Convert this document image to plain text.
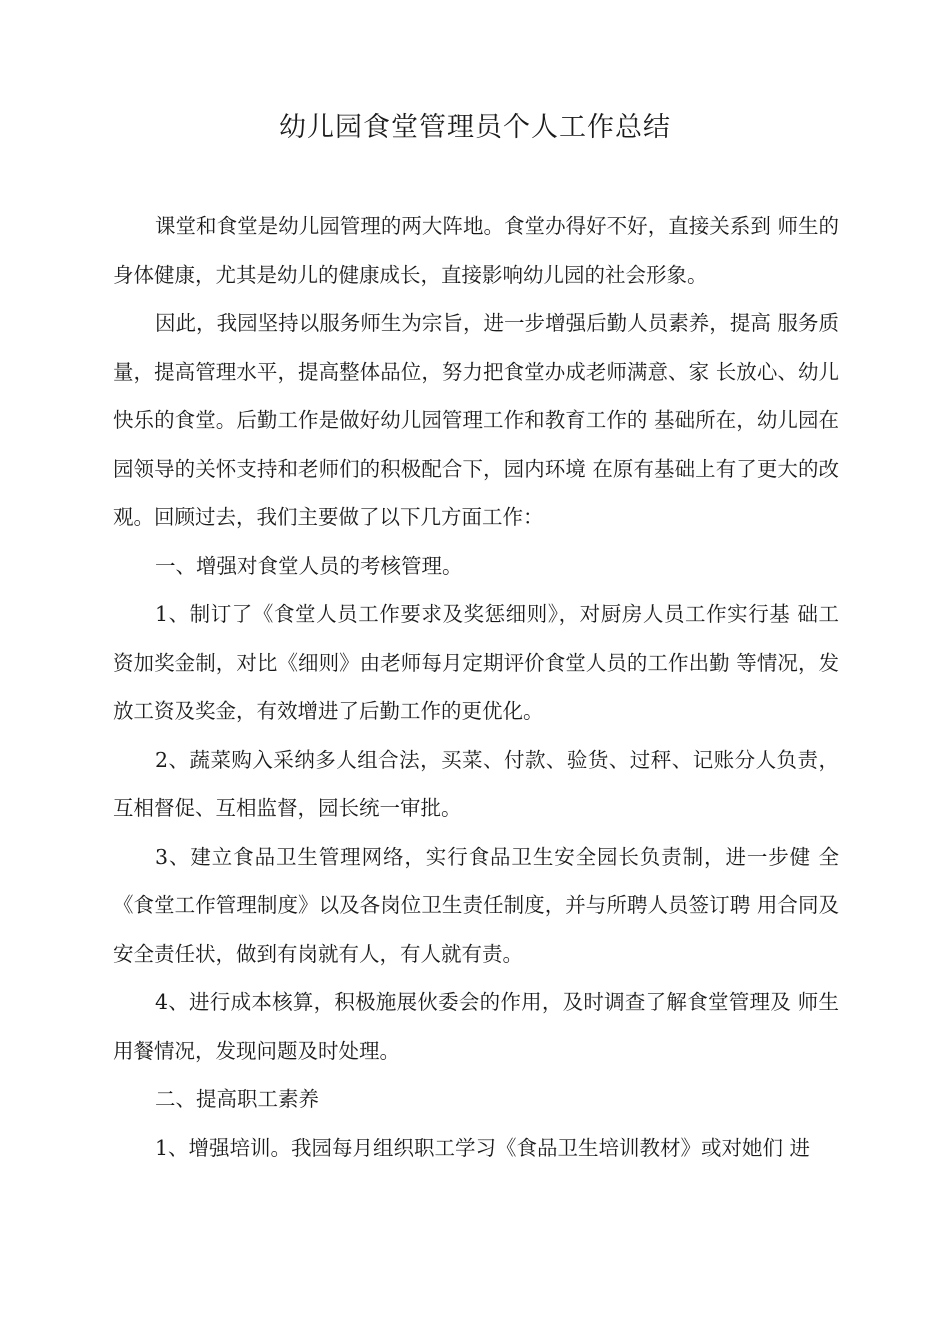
幼儿园食堂管理员个人工作总结

课堂和食堂是幼儿园管理的两大阵地。食堂办得好不好，直接关系到 师生的身体健康，尤其是幼儿的健康成长，直接影响幼儿园的社会形象。

因此，我园坚持以服务师生为宗旨，进一步增强后勤人员素养，提高 服务质量，提高管理水平，提高整体品位，努力把食堂办成老师满意、家 长放心、幼儿快乐的食堂。后勤工作是做好幼儿园管理工作和教育工作的 基础所在，幼儿园在园领导的关怀支持和老师们的积极配合下，园内环境 在原有基础上有了更大的改观。回顾过去，我们主要做了以下几方面工作：

一、增强对食堂人员的考核管理。

1、制订了《食堂人员工作要求及奖惩细则》，对厨房人员工作实行基 础工资加奖金制，对比《细则》由老师每月定期评价食堂人员的工作出勤 等情况，发放工资及奖金，有效增进了后勤工作的更优化。

2、蔬菜购入采纳多人组合法，买菜、付款、验货、过秤、记账分人负责，互相督促、互相监督，园长统一审批。

3、建立食品卫生管理网络，实行食品卫生安全园长负责制，进一步健 全《食堂工作管理制度》以及各岗位卫生责任制度，并与所聘人员签订聘 用合同及安全责任状，做到有岗就有人，有人就有责。

4、进行成本核算，积极施展伙委会的作用，及时调查了解食堂管理及 师生用餐情况，发现问题及时处理。

二、提高职工素养

1、增强培训。我园每月组织职工学习《食品卫生培训教材》或对她们 进
